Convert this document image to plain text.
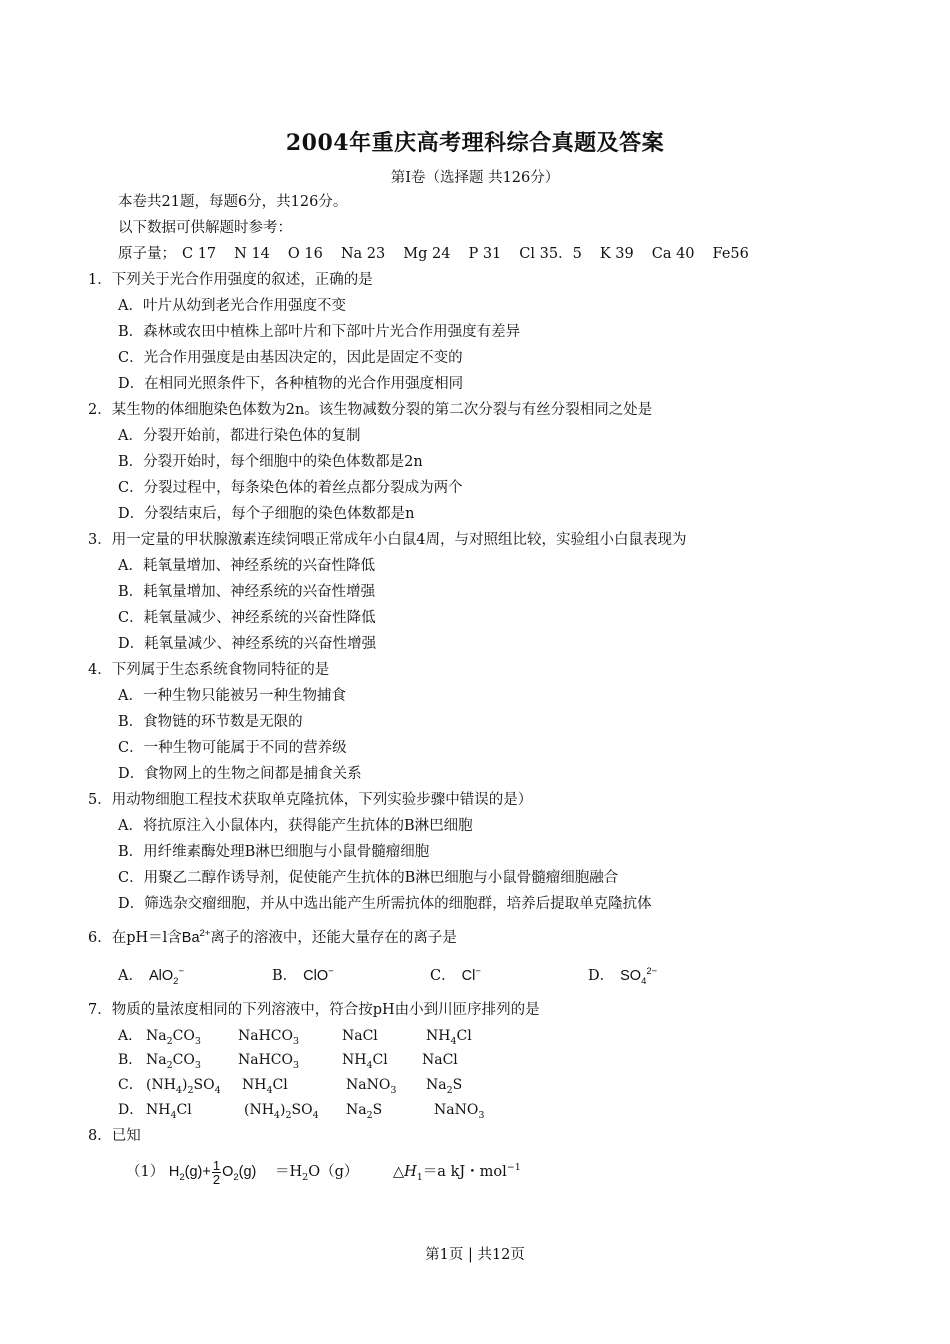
2004年重庆高考理科综合真题及答案
第Ⅰ卷（选择题 共126分）
本卷共21题，每题6分，共126分。
以下数据可供解题时参考：
原子量； C 17 N 14 O 16 Na 23 Mg 24 P 31 Cl 35．5 K 39 Ca 40 Fe56
1．下列关于光合作用强度的叙述，正确的是
A．叶片从幼到老光合作用强度不变
B．森林或农田中植株上部叶片和下部叶片光合作用强度有差异
C．光合作用强度是由基因决定的，因此是固定不变的
D．在相同光照条件下，各种植物的光合作用强度相同
2．某生物的体细胞染色体数为2n。该生物减数分裂的第二次分裂与有丝分裂相同之处是
A．分裂开始前，都进行染色体的复制
B．分裂开始时，每个细胞中的染色体数都是2n
C．分裂过程中，每条染色体的着丝点都分裂成为两个
D．分裂结束后，每个子细胞的染色体数都是n
3．用一定量的甲状腺激素连续饲喂正常成年小白鼠4周，与对照组比较，实验组小白鼠表现为
A．耗氧量增加、神经系统的兴奋性降低
B．耗氧量增加、神经系统的兴奋性增强
C．耗氧量减少、神经系统的兴奋性降低
D．耗氧量减少、神经系统的兴奋性增强
4．下列属于生态系统食物同特征的是
A．一种生物只能被另一种生物捕食
B．食物链的环节数是无限的
C．一种生物可能属于不同的营养级
D．食物网上的生物之间都是捕食关系
5．用动物细胞工程技术获取单克隆抗体，下列实验步骤中错误的是）
A．将抗原注入小鼠体内，获得能产生抗体的B淋巴细胞
B．用纤维素酶处理B淋巴细胞与小鼠骨髓瘤细胞
C．用聚乙二醇作诱导剂，促使能产生抗体的B淋巴细胞与小鼠骨髓瘤细胞融合
D．筛选杂交瘤细胞，并从中选出能产生所需抗体的细胞群，培养后提取单克隆抗体
6．在pH＝l含$Ba^{2+}$离子的溶液中，还能大量存在的离子是
A． AlO$_2$−	B． ClO−	C． Cl−	D． $SO_4^{2-}$
7．物质的量浓度相同的下列溶液中，符合按pH由小到川匝序排列的是
A． $Na_2CO_3$	NaHCO$_3$	NaCl	$NH_4Cl$
B． $Na_2CO_3$	NaHCO$_3$	$NH_4Cl$ NaCl
C． $(NH_4)_2SO_4$ $NH_4Cl$	NaNO$_3$ $Na_2S$
D． $NH_4Cl$	$(NH_4)_2SO_4$ $Na_2S$	NaNO$_3$
8．已知
（1） $H_2(g)+ \frac{1}{2} O_2(g) =H_2O(g)$ $\triangle H_1=a$ kJ・mol$^{-1}$
第1页 | 共12页
